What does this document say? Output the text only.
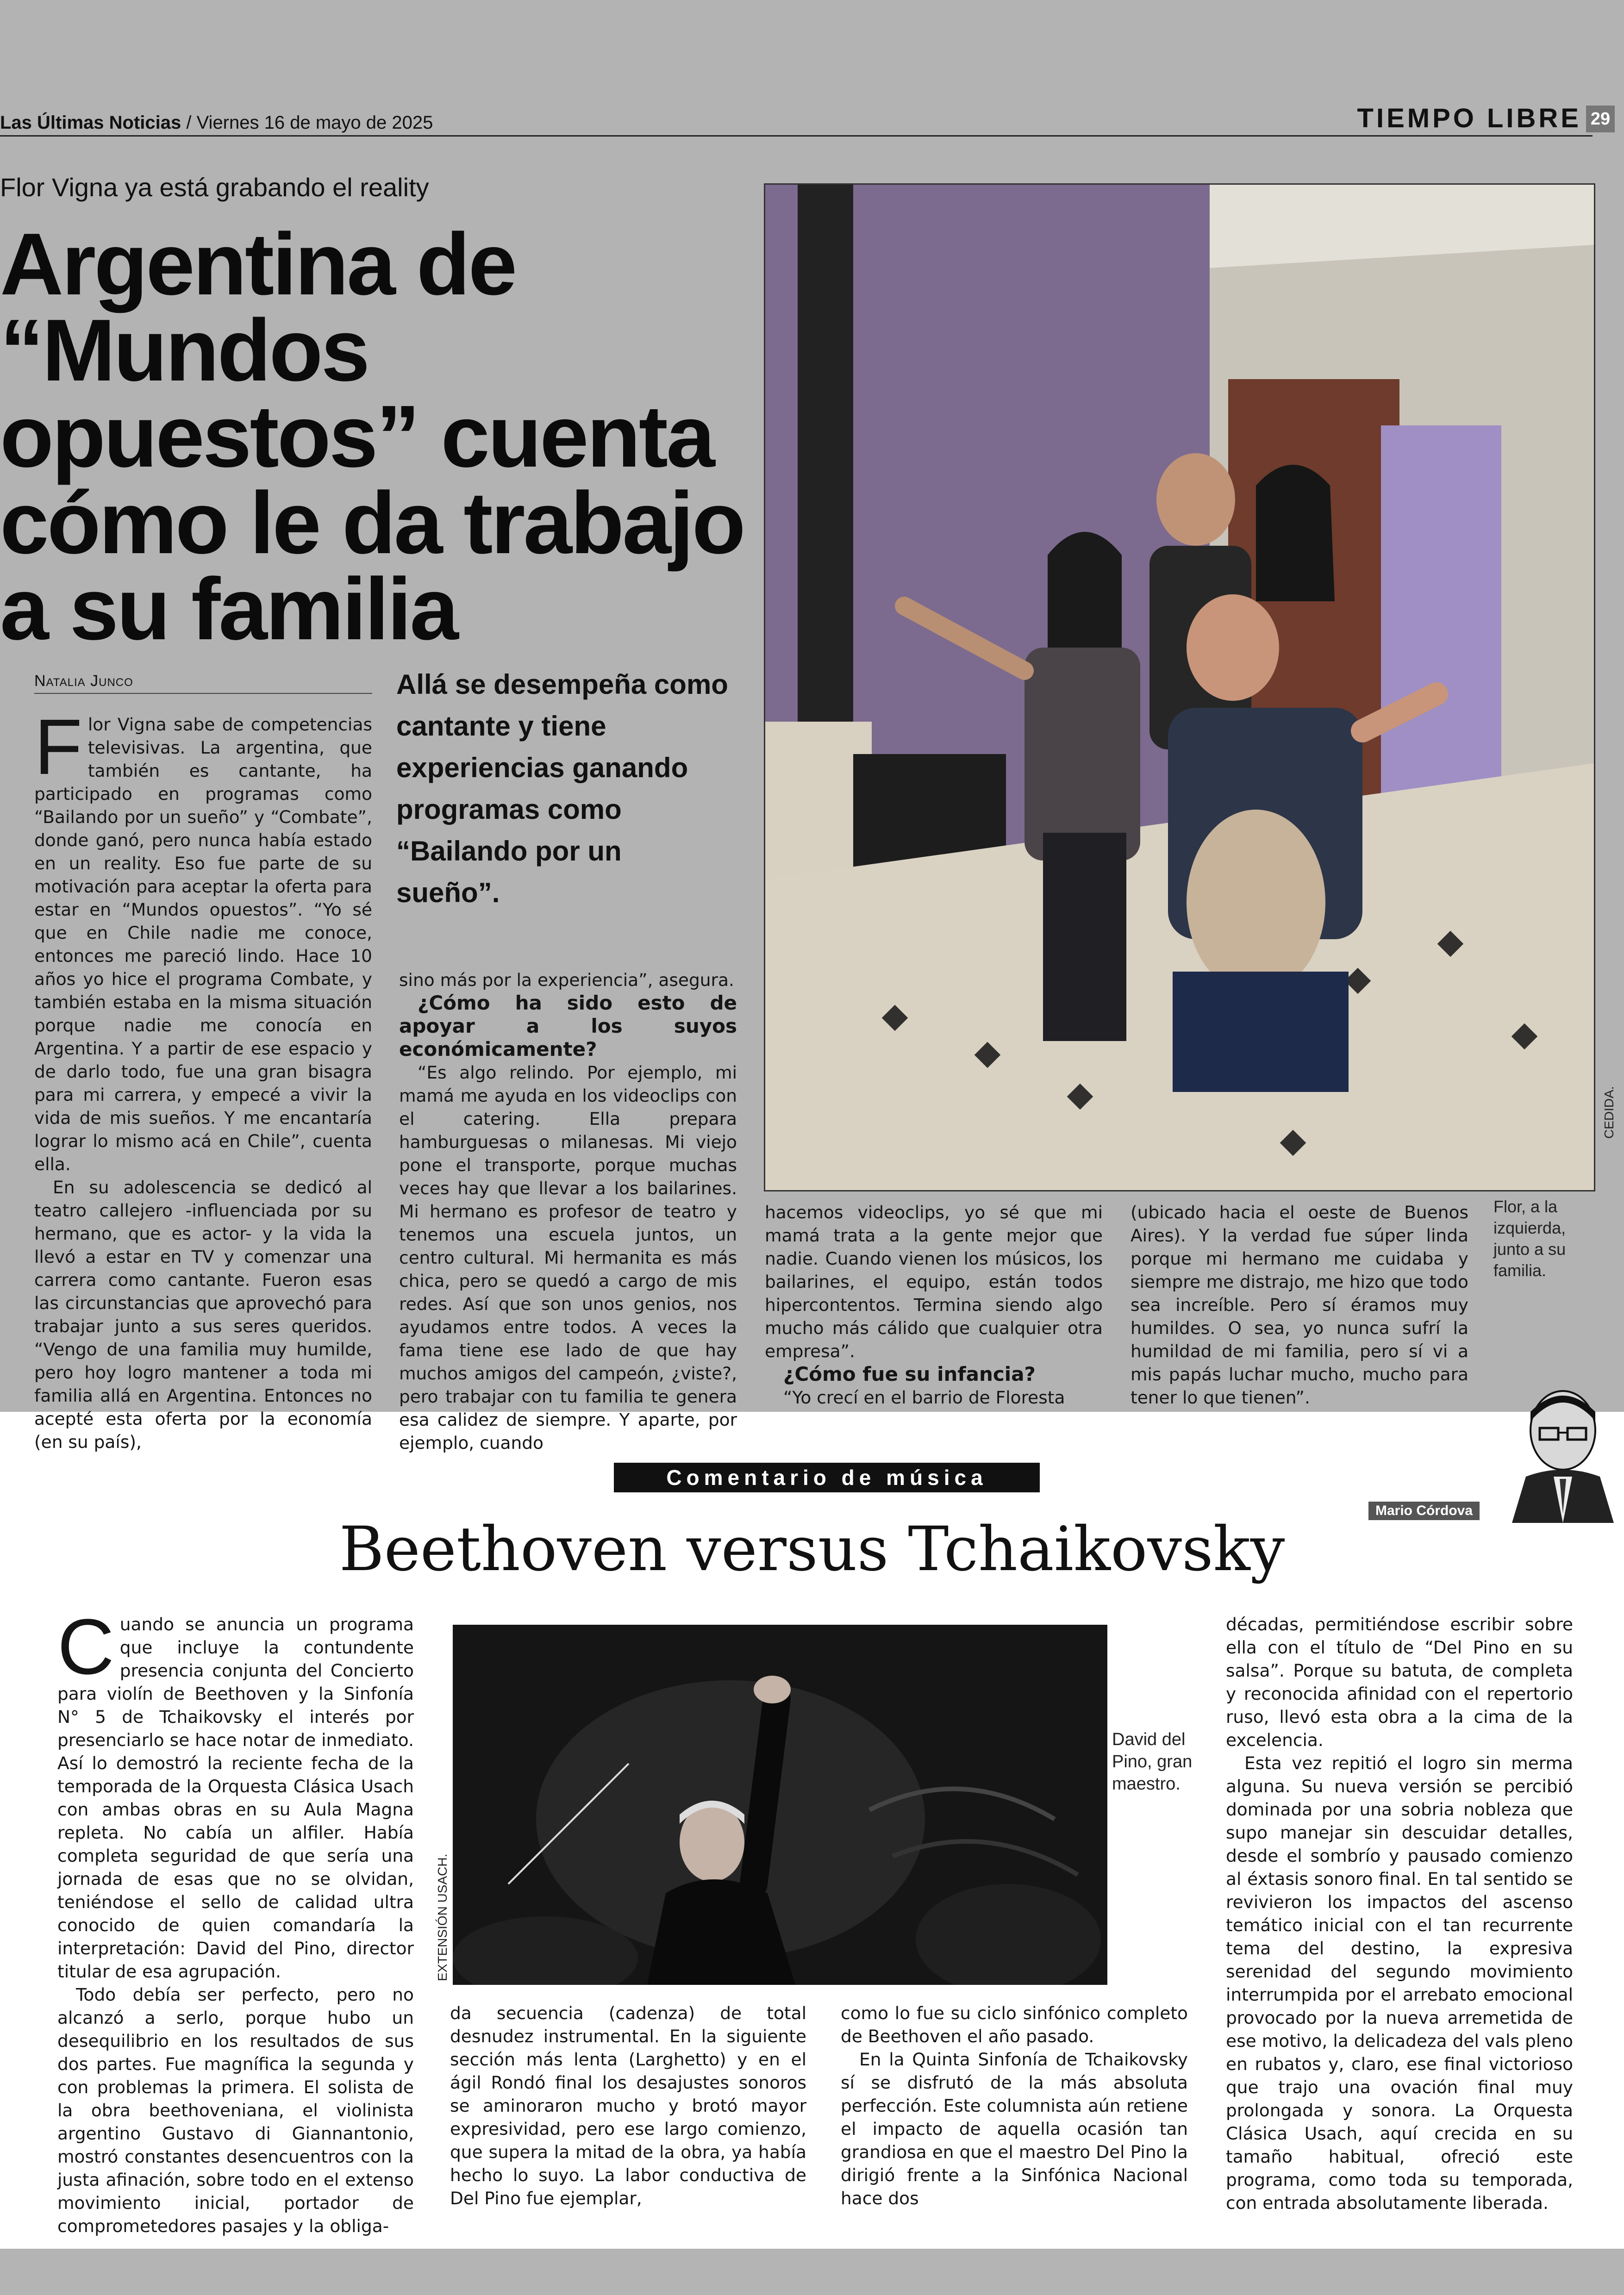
Las Últimas Noticias / Viernes 16 de mayo de 2025	TIEMPO LIBRE 29
Flor Vigna ya está grabando el reality
Argentina de “Mundos opuestos” cuenta cómo le da trabajo a su familia
Natalia Junco	Allá se desempeña como cantante y tiene experiencias ganando programas como “Bailando por un sueño”.
F lor Vigna sabe de competencias televisivas. La argentina, que también es cantante, ha participado en programas como “Bailando por un sueño” y “Combate”, donde ganó, pero nunca había estado en un reality. Eso fue parte de su motivación para aceptar la oferta para estar en “Mundos opuestos”. “Yo sé que en Chile nadie me conoce, entonces me pareció lindo. Hace 10 años yo hice el programa Combate, y también estaba en la misma situación porque nadie me conocía en Argentina. Y a partir de ese espacio y de darlo todo, fue una gran bisagra para mi carrera, y empecé a vivir la vida de mis sueños. Y me encantaría lograr lo mismo acá en Chile”, cuenta ella.

En su adolescencia se dedicó al teatro callejero -influenciada por su hermano, que es actor- y la vida la llevó a estar en TV y comenzar una carrera como cantante. Fueron esas las circunstancias que aprovechó para trabajar junto a sus seres queridos. “Vengo de una familia muy humilde, pero hoy logro mantener a toda mi familia allá en Argentina. Entonces no acepté esta oferta por la economía (en su país),

sino más por la experiencia”, asegura.

¿Cómo ha sido esto de apoyar a los suyos económicamente?

“Es algo relindo. Por ejemplo, mi mamá me ayuda en los videoclips con el catering. Ella prepara hamburguesas o milanesas. Mi viejo pone el transporte, porque muchas veces hay que llevar a los bailarines. Mi hermano es profesor de teatro y tenemos una escuela juntos, un centro cultural. Mi hermanita es más chica, pero se quedó a cargo de mis redes. Así que son unos genios, nos ayudamos entre todos. A veces la fama tiene ese lado de que hay muchos amigos del campeón, ¿viste?, pero trabajar con tu familia te genera esa calidez de siempre. Y aparte, por ejemplo, cuando

CEDIDA.
Flor, a la izquierda, junto a su familia.

hacemos videoclips, yo sé que mi mamá trata a la gente mejor que nadie. Cuando vienen los músicos, los bailarines, el equipo, están todos hipercontentos. Termina siendo algo mucho más cálido que cualquier otra empresa”.

¿Cómo fue su infancia?

“Yo crecí en el barrio de Floresta

(ubicado hacia el oeste de Buenos Aires). Y la verdad fue súper linda porque mi hermano me cuidaba y siempre me distrajo, me hizo que todo sea increíble. Pero sí éramos muy humildes. O sea, yo nunca sufrí la humildad de mi familia, pero sí vi a mis papás luchar mucho, mucho para tener lo que tienen”.

Comentario de música
Mario Córdova
Beethoven versus Tchaikovsky
C uando se anuncia un programa que incluye la contundente presencia conjunta del Concierto para violín de Beethoven y la Sinfonía N° 5 de Tchaikovsky el interés por presenciarlo se hace notar de inmediato. Así lo demostró la reciente fecha de la temporada de la Orquesta Clásica Usach con ambas obras en su Aula Magna repleta. No cabía un alfiler. Había completa seguridad de que sería una jornada de esas que no se olvidan, teniéndose el sello de calidad ultra conocido de quien comandaría la interpretación: David del Pino, director titular de esa agrupación.

Todo debía ser perfecto, pero no alcanzó a serlo, porque hubo un desequilibrio en los resultados de sus dos partes. Fue magnífica la segunda y con problemas la primera. El solista de la obra beethoveniana, el violinista argentino Gustavo di Giannantonio, mostró constantes desencuentros con la justa afinación, sobre todo en el extenso movimiento inicial, portador de comprometedores pasajes y la obliga-

EXTENSIÓN USACH.
David del Pino, gran maestro.

da secuencia (cadenza) de total desnudez instrumental. En la siguiente sección más lenta (Larghetto) y en el ágil Rondó final los desajustes sonoros se aminoraron mucho y brotó mayor expresividad, pero ese largo comienzo, que supera la mitad de la obra, ya había hecho lo suyo. La labor conductiva de Del Pino fue ejemplar,

como lo fue su ciclo sinfónico completo de Beethoven el año pasado.

En la Quinta Sinfonía de Tchaikovsky sí se disfrutó de la más absoluta perfección. Este columnista aún retiene el impacto de aquella ocasión tan grandiosa en que el maestro Del Pino la dirigió frente a la Sinfónica Nacional hace dos

décadas, permitiéndose escribir sobre ella con el título de “Del Pino en su salsa”. Porque su batuta, de completa y reconocida afinidad con el repertorio ruso, llevó esta obra a la cima de la excelencia.

Esta vez repitió el logro sin merma alguna. Su nueva versión se percibió dominada por una sobria nobleza que supo manejar sin descuidar detalles, desde el sombrío y pausado comienzo al éxtasis sonoro final. En tal sentido se revivieron los impactos del ascenso temático inicial con el tan recurrente tema del destino, la expresiva serenidad del segundo movimiento interrumpida por el arrebato emocional provocado por la nueva arremetida de ese motivo, la delicadeza del vals pleno en rubatos y, claro, ese final victorioso que trajo una ovación final muy prolongada y sonora. La Orquesta Clásica Usach, aquí crecida en su tamaño habitual, ofreció este programa, como toda su temporada, con entrada absolutamente liberada.
